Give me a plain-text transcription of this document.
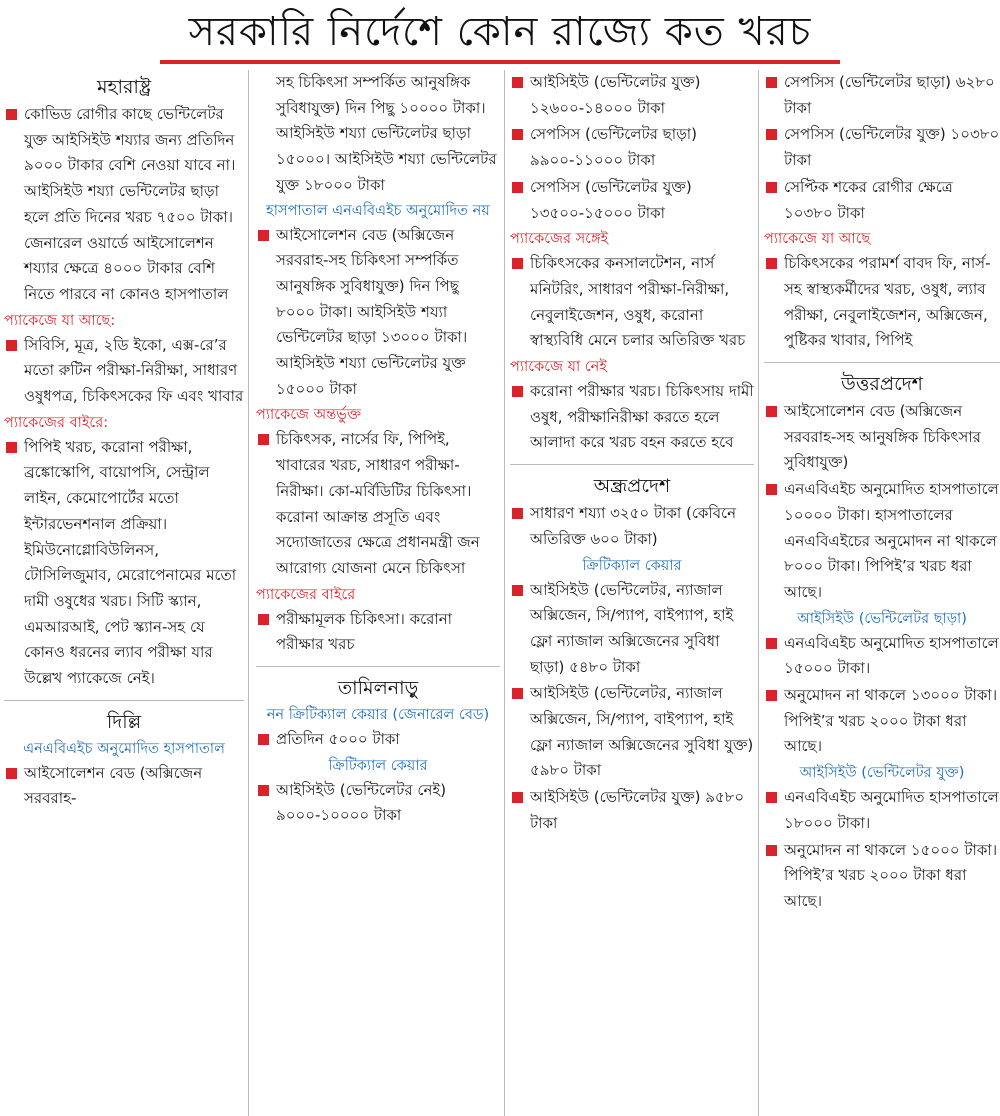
সরকারি নির্দেশে কোন রাজ্যে কত খরচ
মহারাষ্ট্র
কোভিড রোগীর কাছে ভেন্টিলেটর যুক্ত আইসিইউ শয্যার জন্য প্রতিদিন ৯০০০ টাকার বেশি নেওয়া যাবে না। আইসিইউ শয্যা ভেন্টিলেটর ছাড়া হলে প্রতি দিনের খরচ ৭৫০০ টাকা। জেনারেল ওয়ার্ডে আইসোলেশন শয্যার ক্ষেত্রে ৪০০০ টাকার বেশি নিতে পারবে না কোনও হাসপাতাল
প্যাকেজে যা আছে:
সিবিসি, মূত্র, ২ডি ইকো, এক্স-রে’র মতো রুটিন পরীক্ষা-নিরীক্ষা, সাধারণ ওষুধপত্র, চিকিৎসকের ফি এবং খাবার
প্যাকেজের বাইরে:
পিপিই খরচ, করোনা পরীক্ষা, ব্রঙ্কোস্কোপি, বায়োপসি, সেন্ট্রাল লাইন, কেমোপোর্টের মতো ইন্টারভেনশনাল প্রক্রিয়া। ইমিউনোগ্লোবিউলিনস, টোসিলিজুমাব, মেরোপেনামের মতো দামী ওষুধের খরচ। সিটি স্ক্যান, এমআরআই, পেট স্ক্যান-সহ যে কোনও ধরনের ল্যাব পরীক্ষা যার উল্লেখ প্যাকেজে নেই।
দিল্লি
এনএবিএইচ অনুমোদিত হাসপাতাল
আইসোলেশন বেড (অক্সিজেন সরবরাহ-
সহ চিকিৎসা সম্পর্কিত আনুষঙ্গিক সুবিধাযুক্ত) দিন পিছু ১০০০০ টাকা। আইসিইউ শয্যা ভেন্টিলেটর ছাড়া ১৫০০০। আইসিইউ শয্যা ভেন্টিলেটর যুক্ত ১৮০০০ টাকা
হাসপাতাল এনএবিএইচ অনুমোদিত নয়
আইসোলেশন বেড (অক্সিজেন সরবরাহ-সহ চিকিৎসা সম্পর্কিত আনুষঙ্গিক সুবিধাযুক্ত) দিন পিছু ৮০০০ টাকা। আইসিইউ শয্যা ভেন্টিলেটর ছাড়া ১৩০০০ টাকা। আইসিইউ শয্যা ভেন্টিলেটর যুক্ত ১৫০০০ টাকা
প্যাকেজে অন্তর্ভুক্ত
চিকিৎসক, নার্সের ফি, পিপিই, খাবারের খরচ, সাধারণ পরীক্ষা-নিরীক্ষা। কো-মর্বিডিটির চিকিৎসা। করোনা আক্রান্ত প্রসূতি এবং সদ্যোজাতের ক্ষেত্রে প্রধানমন্ত্রী জন আরোগ্য যোজনা মেনে চিকিৎসা
প্যাকেজের বাইরে
পরীক্ষামূলক চিকিৎসা। করোনা পরীক্ষার খরচ
তামিলনাড়ু
নন ক্রিটিক্যাল কেয়ার (জেনারেল বেড)
প্রতিদিন ৫০০০ টাকা
ক্রিটিক্যাল কেয়ার
আইসিইউ (ভেন্টিলেটর নেই) ৯০০০-১০০০০ টাকা
আইসিইউ (ভেন্টিলেটর যুক্ত) ১২৬০০-১৪০০০ টাকা
সেপসিস (ভেন্টিলেটর ছাড়া) ৯৯০০-১১০০০ টাকা
সেপসিস (ভেন্টিলেটর যুক্ত) ১৩৫০০-১৫০০০ টাকা
প্যাকেজের সঙ্গেই
চিকিৎসকের কনসালটেশন, নার্স মনিটরিং, সাধারণ পরীক্ষা-নিরীক্ষা, নেবুলাইজেশন, ওষুধ, করোনা স্বাস্থ্যবিধি মেনে চলার অতিরিক্ত খরচ
প্যাকেজে যা নেই
করোনা পরীক্ষার খরচ। চিকিৎসায় দামী ওষুধ, পরীক্ষানিরীক্ষা করতে হলে আলাদা করে খরচ বহন করতে হবে
অন্ধ্রপ্রদেশ
সাধারণ শয্যা ৩২৫০ টাকা (কেবিনে অতিরিক্ত ৬০০ টাকা)
ক্রিটিক্যাল কেয়ার
আইসিইউ (ভেন্টিলেটর, ন্যাজাল অক্সিজেন, সি/প্যাপ, বাইপ্যাপ, হাই ফ্লো ন্যাজাল অক্সিজেনের সুবিধা ছাড়া) ৫৪৮০ টাকা
আইসিইউ (ভেন্টিলেটর, ন্যাজাল অক্সিজেন, সি/প্যাপ, বাইপ্যাপ, হাই ফ্লো ন্যাজাল অক্সিজেনের সুবিধা যুক্ত) ৫৯৮০ টাকা
আইসিইউ (ভেন্টিলেটর যুক্ত) ৯৫৮০ টাকা
সেপসিস (ভেন্টিলেটর ছাড়া) ৬২৮০ টাকা
সেপসিস (ভেন্টিলেটর যুক্ত) ১০৩৮০ টাকা
সেপ্টিক শকের রোগীর ক্ষেত্রে ১০৩৮০ টাকা
প্যাকেজে যা আছে
চিকিৎসকের পরামর্শ বাবদ ফি, নার্স-সহ স্বাস্থ্যকর্মীদের খরচ, ওষুধ, ল্যাব পরীক্ষা, নেবুলাইজেশন, অক্সিজেন, পুষ্টিকর খাবার, পিপিই
উত্তরপ্রদেশ
আইসোলেশন বেড (অক্সিজেন সরবরাহ-সহ আনুষঙ্গিক চিকিৎসার সুবিধাযুক্ত)
এনএবিএইচ অনুমোদিত হাসপাতালে ১০০০০ টাকা। হাসপাতালের এনএবিএইচের অনুমোদন না থাকলে ৮০০০ টাকা। পিপিই’র খরচ ধরা আছে।
আইসিইউ (ভেন্টিলেটর ছাড়া)
এনএবিএইচ অনুমোদিত হাসপাতালে ১৫০০০ টাকা।
অনুমোদন না থাকলে ১৩০০০ টাকা। পিপিই’র খরচ ২০০০ টাকা ধরা আছে।
আইসিইউ (ভেন্টিলেটর যুক্ত)
এনএবিএইচ অনুমোদিত হাসপাতালে ১৮০০০ টাকা।
অনুমোদন না থাকলে ১৫০০০ টাকা। পিপিই’র খরচ ২০০০ টাকা ধরা আছে।
